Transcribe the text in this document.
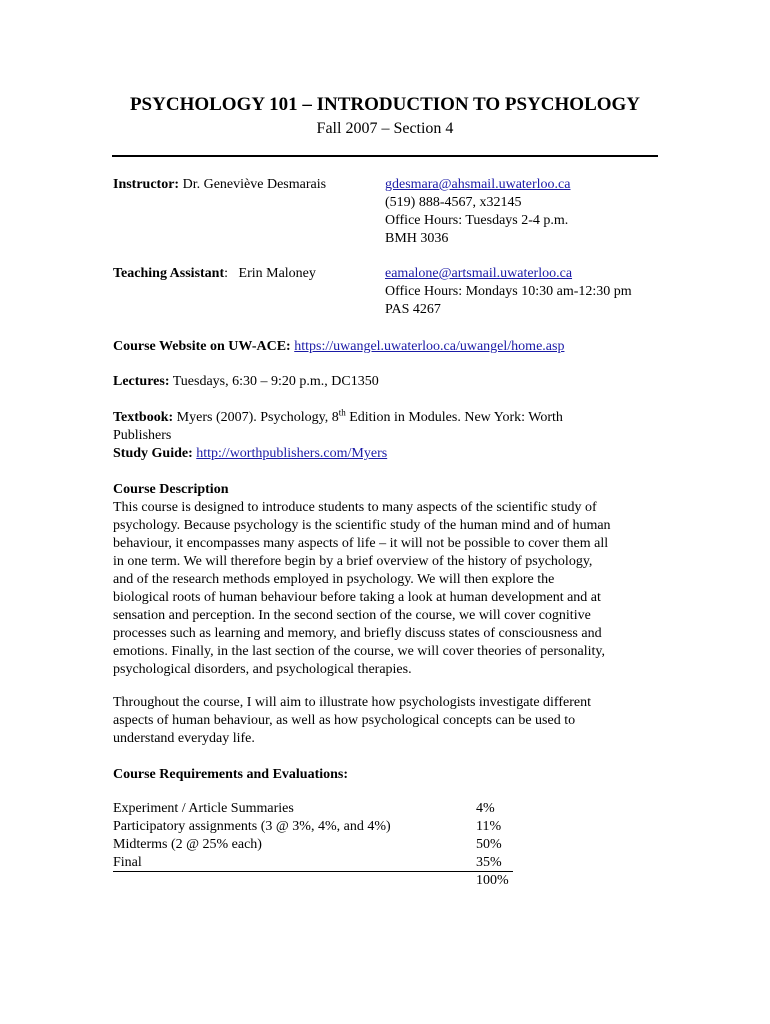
PSYCHOLOGY 101 – INTRODUCTION TO PSYCHOLOGY
Fall 2007 – Section 4
Instructor: Dr. Geneviève Desmarais	gdesmara@ahsmail.uwaterloo.ca
(519) 888-4567, x32145
Office Hours: Tuesdays 2-4 p.m.
BMH 3036
Teaching Assistant: Erin Maloney	eamalone@artsmail.uwaterloo.ca
Office Hours: Mondays 10:30 am-12:30 pm
PAS 4267
Course Website on UW-ACE: https://uwangel.uwaterloo.ca/uwangel/home.asp
Lectures: Tuesdays, 6:30 – 9:20 p.m., DC1350
Textbook: Myers (2007). Psychology, 8th Edition in Modules. New York: Worth
Publishers
Study Guide: http://worthpublishers.com/Myers
Course Description
This course is designed to introduce students to many aspects of the scientific study of
psychology. Because psychology is the scientific study of the human mind and of human
behaviour, it encompasses many aspects of life – it will not be possible to cover them all
in one term. We will therefore begin by a brief overview of the history of psychology,
and of the research methods employed in psychology. We will then explore the
biological roots of human behaviour before taking a look at human development and at
sensation and perception. In the second section of the course, we will cover cognitive
processes such as learning and memory, and briefly discuss states of consciousness and
emotions. Finally, in the last section of the course, we will cover theories of personality,
psychological disorders, and psychological therapies.
Throughout the course, I will aim to illustrate how psychologists investigate different
aspects of human behaviour, as well as how psychological concepts can be used to
understand everyday life.
Course Requirements and Evaluations:
Experiment / Article Summaries	4%
Participatory assignments (3 @ 3%, 4%, and 4%)	11%
Midterms (2 @ 25% each)	50%
Final	35%
100%
